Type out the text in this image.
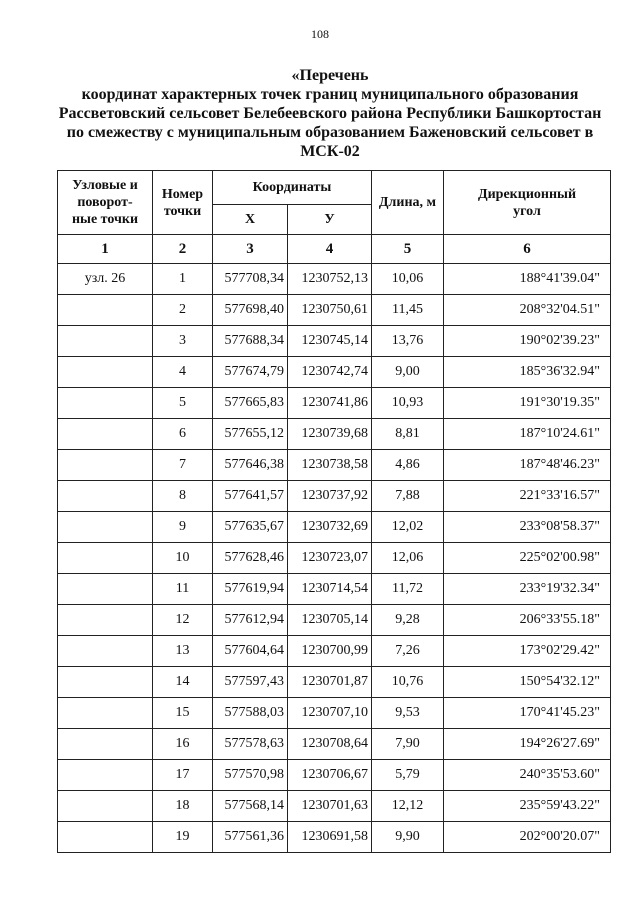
108
«Перечень
координат характерных точек границ муниципального образования
Рассветовский сельсовет Белебеевского района Республики Башкортостан
по смежеству с муниципальным образованием Баженовский сельсовет в
МСК-02
Узловые и
поворот-
ные точки	Номер
точки	Координаты		Длина, м	Дирекционный
угол
		X	У		
1	2	3	4	5	6
узл. 26	1	577708,34	1230752,13	10,06	188°41'39.04"
	2	577698,40	1230750,61	11,45	208°32'04.51"
	3	577688,34	1230745,14	13,76	190°02'39.23"
	4	577674,79	1230742,74	9,00	185°36'32.94"
	5	577665,83	1230741,86	10,93	191°30'19.35"
	6	577655,12	1230739,68	8,81	187°10'24.61"
	7	577646,38	1230738,58	4,86	187°48'46.23"
	8	577641,57	1230737,92	7,88	221°33'16.57"
	9	577635,67	1230732,69	12,02	233°08'58.37"
	10	577628,46	1230723,07	12,06	225°02'00.98"
	11	577619,94	1230714,54	11,72	233°19'32.34"
	12	577612,94	1230705,14	9,28	206°33'55.18"
	13	577604,64	1230700,99	7,26	173°02'29.42"
	14	577597,43	1230701,87	10,76	150°54'32.12"
	15	577588,03	1230707,10	9,53	170°41'45.23"
	16	577578,63	1230708,64	7,90	194°26'27.69"
	17	577570,98	1230706,67	5,79	240°35'53.60"
	18	577568,14	1230701,63	12,12	235°59'43.22"
	19	577561,36	1230691,58	9,90	202°00'20.07"
